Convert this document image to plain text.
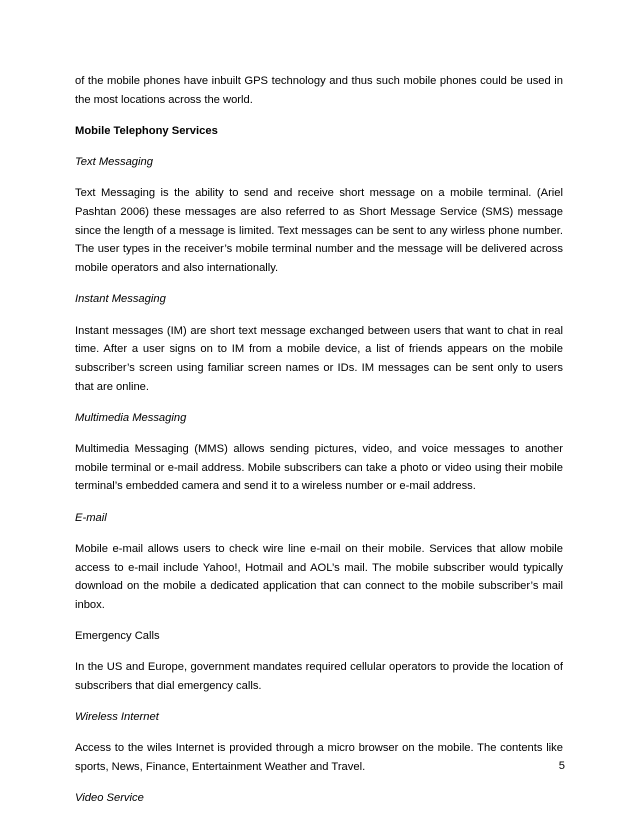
of the mobile phones have inbuilt GPS technology and thus such mobile phones could be used in the most locations across the world.

Mobile Telephony Services

Text Messaging

Text Messaging is the ability to send and receive short message on a mobile terminal. (Ariel Pashtan 2006) these messages are also referred to as Short Message Service (SMS) message since the length of a message is limited. Text messages can be sent to any wirless phone number. The user types in the receiver’s mobile terminal number and the message will be delivered across mobile operators and also internationally.

Instant Messaging

Instant messages (IM) are short text message exchanged between users that want to chat in real time. After a user signs on to IM from a mobile device, a list of friends appears on the mobile subscriber’s screen using familiar screen names or IDs. IM messages can be sent only to users that are online.

Multimedia Messaging

Multimedia Messaging (MMS) allows sending pictures, video, and voice messages to another mobile terminal or e-mail address. Mobile subscribers can take a photo or video using their mobile terminal’s embedded camera and send it to a wireless number or e-mail address.

E-mail

Mobile e-mail allows users to check wire line e-mail on their mobile. Services that allow mobile access to e-mail include Yahoo!, Hotmail and AOL’s mail. The mobile subscriber would typically download on the mobile a dedicated application that can connect to the mobile subscriber’s mail inbox.

Emergency Calls

In the US and Europe, government mandates required cellular operators to provide the location of subscribers that dial emergency calls.

Wireless Internet

Access to the wiles Internet is provided through a micro browser on the mobile. The contents like sports, News, Finance, Entertainment Weather and Travel.

Video Service

5
